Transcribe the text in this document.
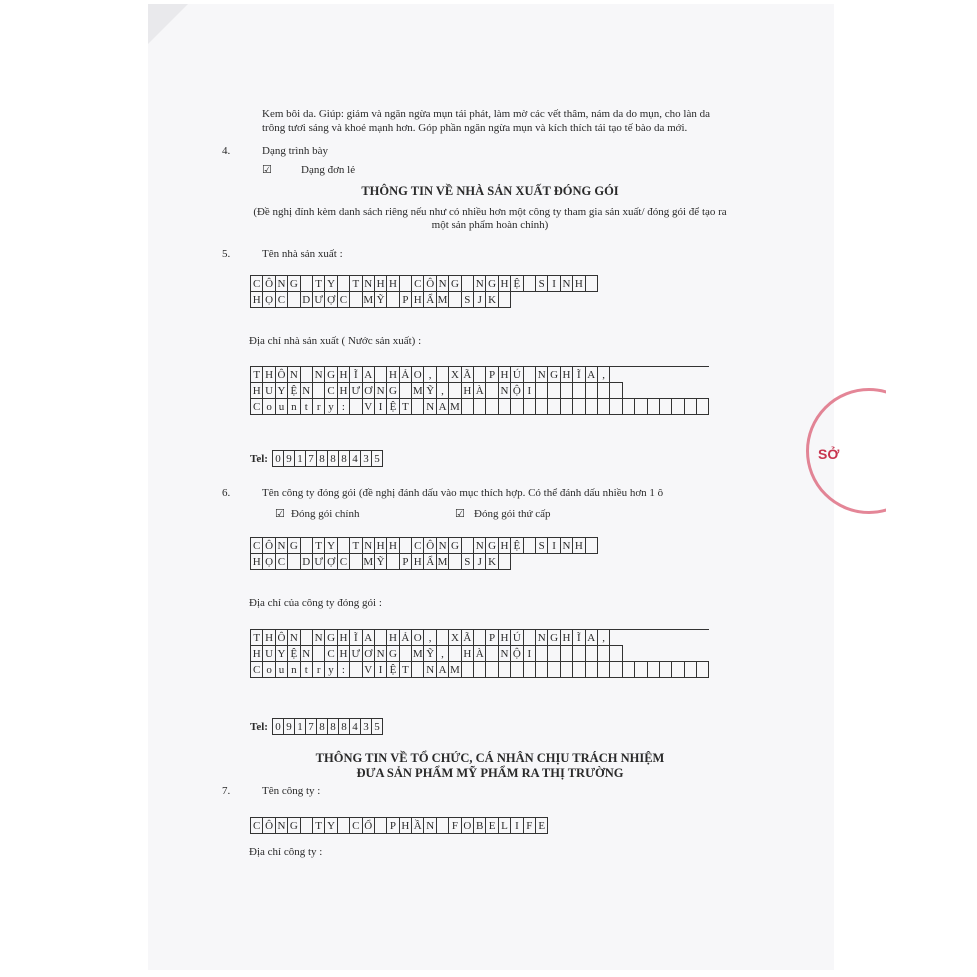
Kem bôi da. Giúp: giảm và ngăn ngừa mụn tái phát, làm mờ các vết thâm, nám da do mụn, cho làn da
trông tươi sáng và khoẻ mạnh hơn. Góp phần ngăn ngừa mụn và kích thích tái tạo tế bào da mới.
4.	Dạng trình bày
☑	Dạng đơn lẻ
THÔNG TIN VỀ NHÀ SẢN XUẤT ĐÓNG GÓI
(Đề nghị đính kèm danh sách riêng nếu như có nhiều hơn một công ty tham gia sản xuất/ đóng gói để tạo ra
một sản phẩm hoàn chỉnh)
5.	Tên nhà sản xuất :
C Ô N G T Y T N H H C Ô N G N G H Ệ	S I N H
H Ọ C D Ư Ợ C M Ỹ P H Ẩ M S J K
Địa chỉ nhà sản xuất ( Nước sản xuất) :
T H Ô N N G H Ĩ A H Ả O ,	X Ã P H Ú N G H Ĩ A ,
H U Y Ệ N C H Ư Ơ N G M Ỹ ,	H À N Ộ I
C o u n t r y :	V I Ệ T	N A M
Tel: 0 9 1 7 8 8 8 4 3 5
6.	Tên công ty đóng gói (đề nghị đánh dấu vào mục thích hợp. Có thể đánh dấu nhiều hơn 1 ô
☑ Đóng gói chính	☑ Đóng gói thứ cấp
C Ô N G T Y T N H H C Ô N G N G H Ệ	S I N H
H Ọ C D Ư Ợ C M Ỹ P H Ẩ M S J K
Địa chỉ của công ty đóng gói :
T H Ô N N G H Ĩ A H Ả O ,	X Ã P H Ú N G H Ĩ A ,
H U Y Ệ N C H Ư Ơ N G M Ỹ ,	H À N Ộ I
C o u n t r y :	V I Ệ T	N A M
Tel: 0 9 1 7 8 8 8 4 3 5
THÔNG TIN VỀ TỔ CHỨC, CÁ NHÂN CHỊU TRÁCH NHIỆM
ĐƯA SẢN PHẨM MỸ PHẨM RA THỊ TRƯỜNG
7.	Tên công ty :
C Ô N G T Y C Ổ P H Ầ N F O B E L I F E
Địa chỉ công ty :
SỞ
